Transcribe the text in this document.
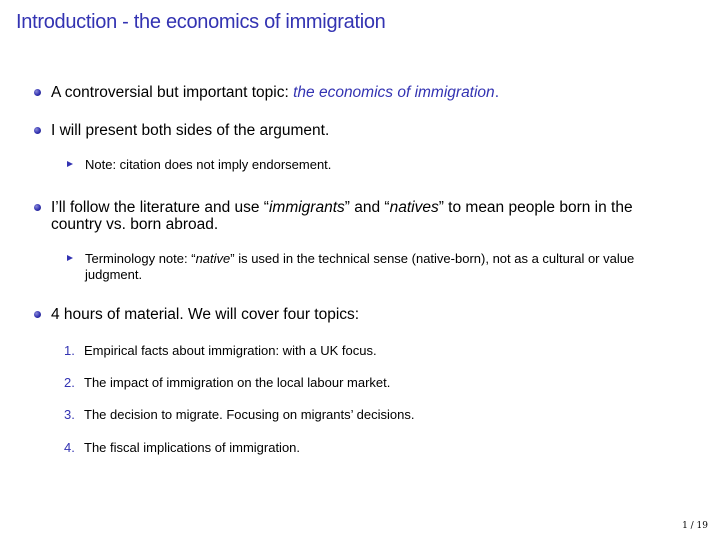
Introduction - the economics of immigration
A controversial but important topic: the economics of immigration.
I will present both sides of the argument.
Note: citation does not imply endorsement.
I’ll follow the literature and use “immigrants” and “natives” to mean people born in the
country vs. born abroad.
Terminology note: “native” is used in the technical sense (native-born), not as a cultural or value
judgment.
4 hours of material. We will cover four topics:
1. Empirical facts about immigration: with a UK focus.
2. The impact of immigration on the local labour market.
3. The decision to migrate. Focusing on migrants’ decisions.
4. The fiscal implications of immigration.
1 / 19
